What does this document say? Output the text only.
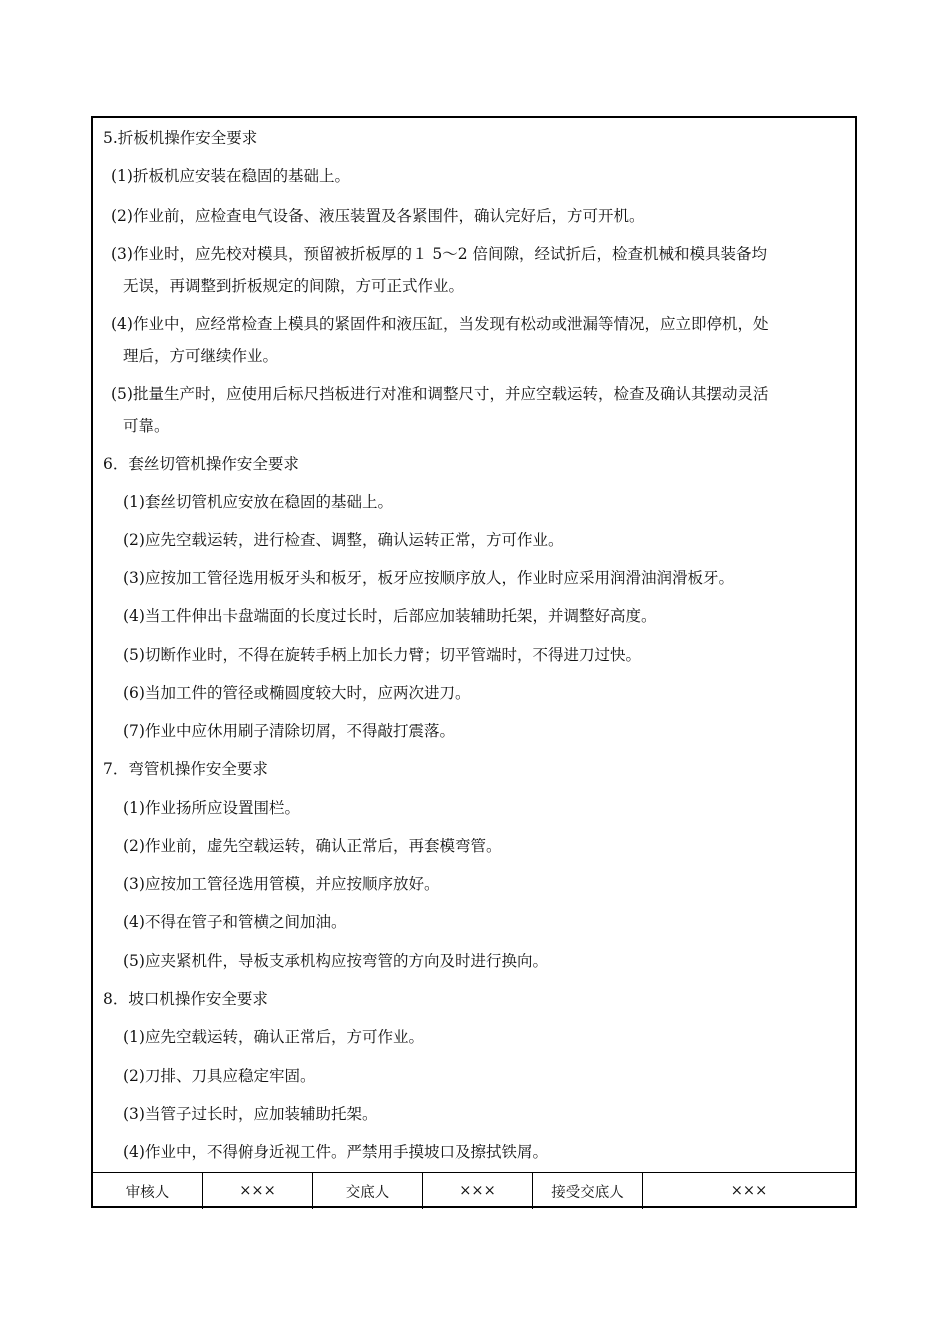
5.折板机操作安全要求
(1)折板机应安装在稳固的基础上。
(2)作业前，应检查电气设备、液压装置及各紧围件，确认完好后，方可开机。
(3)作业时，应先校对模具，预留被折板厚的１ 5～2 倍间隙，经试折后，检查机械和模具装备均
无误，再调整到折板规定的间隙，方可正式作业。
(4)作业中，应经常检查上模具的紧固件和液压缸，当发现有松动或泄漏等情况，应立即停机，处
理后，方可继续作业。
(5)批量生产时，应使用后标尺挡板进行对准和调整尺寸，并应空载运转，检查及确认其摆动灵活
可靠。
6．套丝切管机操作安全要求
(1)套丝切管机应安放在稳固的基础上。
(2)应先空载运转，进行检查、调整，确认运转正常，方可作业。
(3)应按加工管径选用板牙头和板牙，板牙应按顺序放人，作业时应采用润滑油润滑板牙。
(4)当工件伸出卡盘端面的长度过长时，后部应加装辅助托架，并调整好高度。
(5)切断作业时，不得在旋转手柄上加长力臂；切平管端时，不得进刀过快。
(6)当加工件的管径或椭圆度较大时，应两次进刀。
(7)作业中应休用刷子清除切屑，不得敲打震落。
7．弯管机操作安全要求
(1)作业扬所应设置围栏。
(2)作业前，虚先空载运转，确认正常后，再套模弯管。
(3)应按加工管径选用管模，并应按顺序放好。
(4)不得在管子和管横之间加油。
(5)应夹紧机件，导板支承机构应按弯管的方向及时进行换向。
8．坡口机操作安全要求
(1)应先空载运转，确认正常后，方可作业。
(2)刀排、刀具应稳定牢固。
(3)当管子过长时，应加装辅助托架。
(4)作业中，不得俯身近视工件。严禁用手摸坡口及擦拭铁屑。
审核人	×××	交底人	×××	接受交底人	×××
